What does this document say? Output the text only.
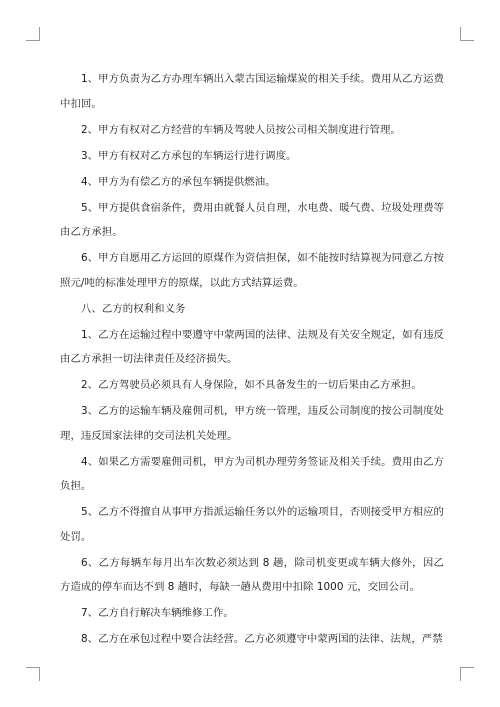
1、甲方负责为乙方办理车辆出入蒙古国运输煤炭的相关手续。费用从乙方运费中扣回。

2、甲方有权对乙方经营的车辆及驾驶人员按公司相关制度进行管理。

3、甲方有权对乙方承包的车辆运行进行调度。

4、甲方为有偿乙方的承包车辆提供燃油。

5、甲方提供食宿条件，费用由就餐人员自理，水电费、暖气费、垃圾处理费等由乙方承担。

6、甲方自愿用乙方运回的原煤作为资信担保，如不能按时结算视为同意乙方按照元/吨的标准处理甲方的原煤，以此方式结算运费。

八、乙方的权利和义务

1、乙方在运输过程中要遵守中蒙两国的法律、法规及有关安全规定，如有违反由乙方承担一切法律责任及经济损失。

2、乙方驾驶员必须具有人身保险，如不具备发生的一切后果由乙方承担。

3、乙方的运输车辆及雇佣司机，甲方统一管理，违反公司制度的按公司制度处理，违反国家法律的交司法机关处理。

4、如果乙方需要雇佣司机，甲方为司机办理劳务签证及相关手续。费用由乙方负担。

5、乙方不得擅自从事甲方指派运输任务以外的运输项目，否则接受甲方相应的处罚。

6、乙方每辆车每月出车次数必须达到 8 趟，除司机变更或车辆大修外，因乙方造成的停车而达不到 8 趟时，每缺一趟从费用中扣除 1000 元，交回公司。

7、乙方自行解决车辆维修工作。

8、乙方在承包过程中要合法经营。乙方必须遵守中蒙两国的法律、法规，严禁
